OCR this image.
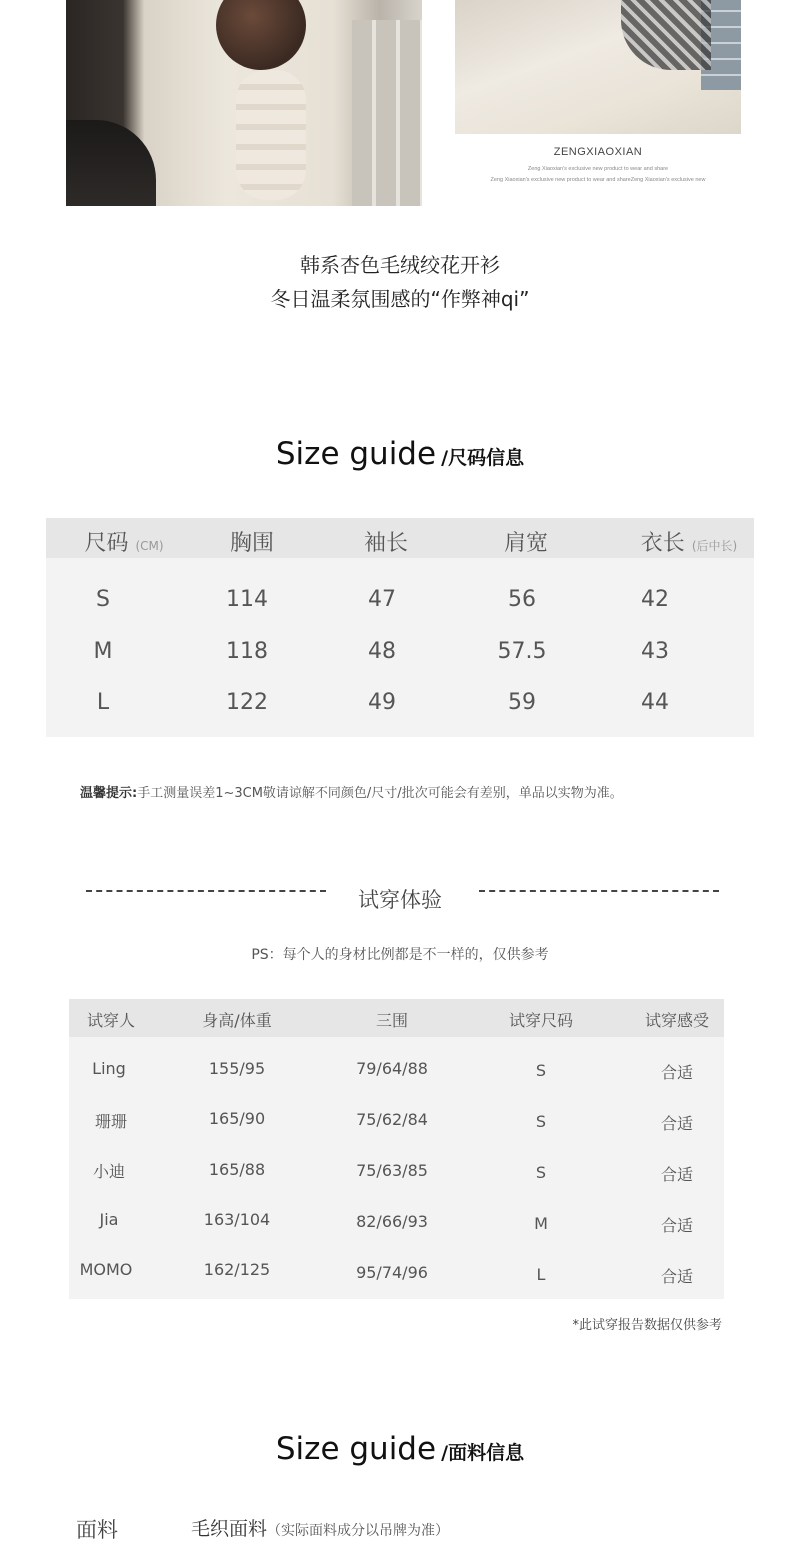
ZENGXIAOXIAN
Zeng Xiaoxian's exclusive new product to wear and share
Zeng Xiaoxian's exclusive new product to wear and shareZeng Xiaoxian's exclusive new
韩系杏色毛绒绞花开衫
冬日温柔氛围感的“作弊神qi”
Size guide /尺码信息
尺码 (CM)	胸围	袖长	肩宽	衣长 (后中长)
S	114	47	56	42
M	118	48	57.5	43
L	122	49	59	44
温馨提示:手工测量误差1~3CM敬请谅解不同颜色/尺寸/批次可能会有差别，单品以实物为准。
试穿体验
PS：每个人的身材比例都是不一样的，仅供参考
试穿人	身高/体重	三围	试穿尺码	试穿感受
Ling	155/95	79/64/88	S	合适
珊珊	165/90	75/62/84	S	合适
小迪	165/88	75/63/85	S	合适
Jia	163/104	82/66/93	M	合适
MOMO	162/125	95/74/96	L	合适
*此试穿报告数据仅供参考
Size guide /面料信息
面料	毛织面料（实际面料成分以吊牌为准）
